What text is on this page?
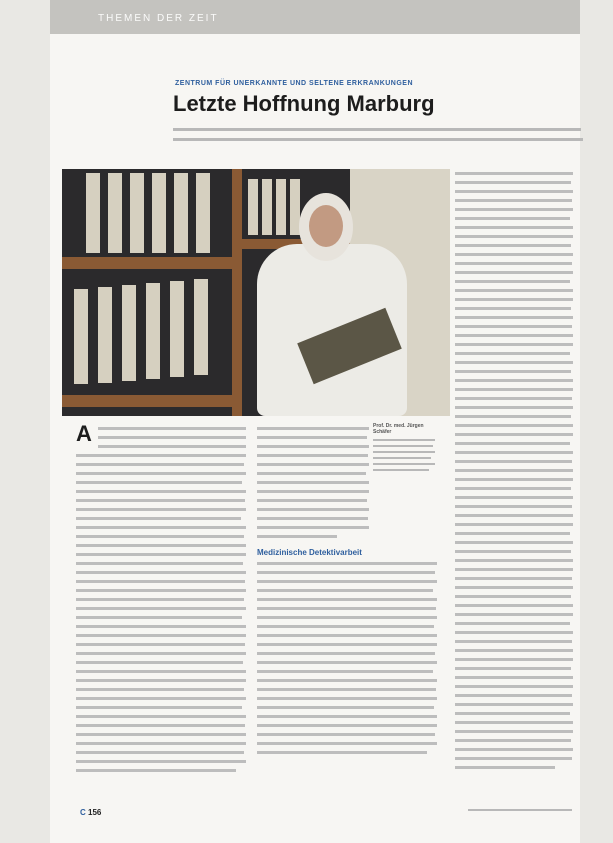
THEMEN DER ZEIT
ZENTRUM FÜR UNERKANNTE UND SELTENE ERKRANKUNGEN
Letzte Hoffnung Marburg

A	Prof. Dr. med. Jürgen Schäfer
Medizinische Detektivarbeit
C 156
